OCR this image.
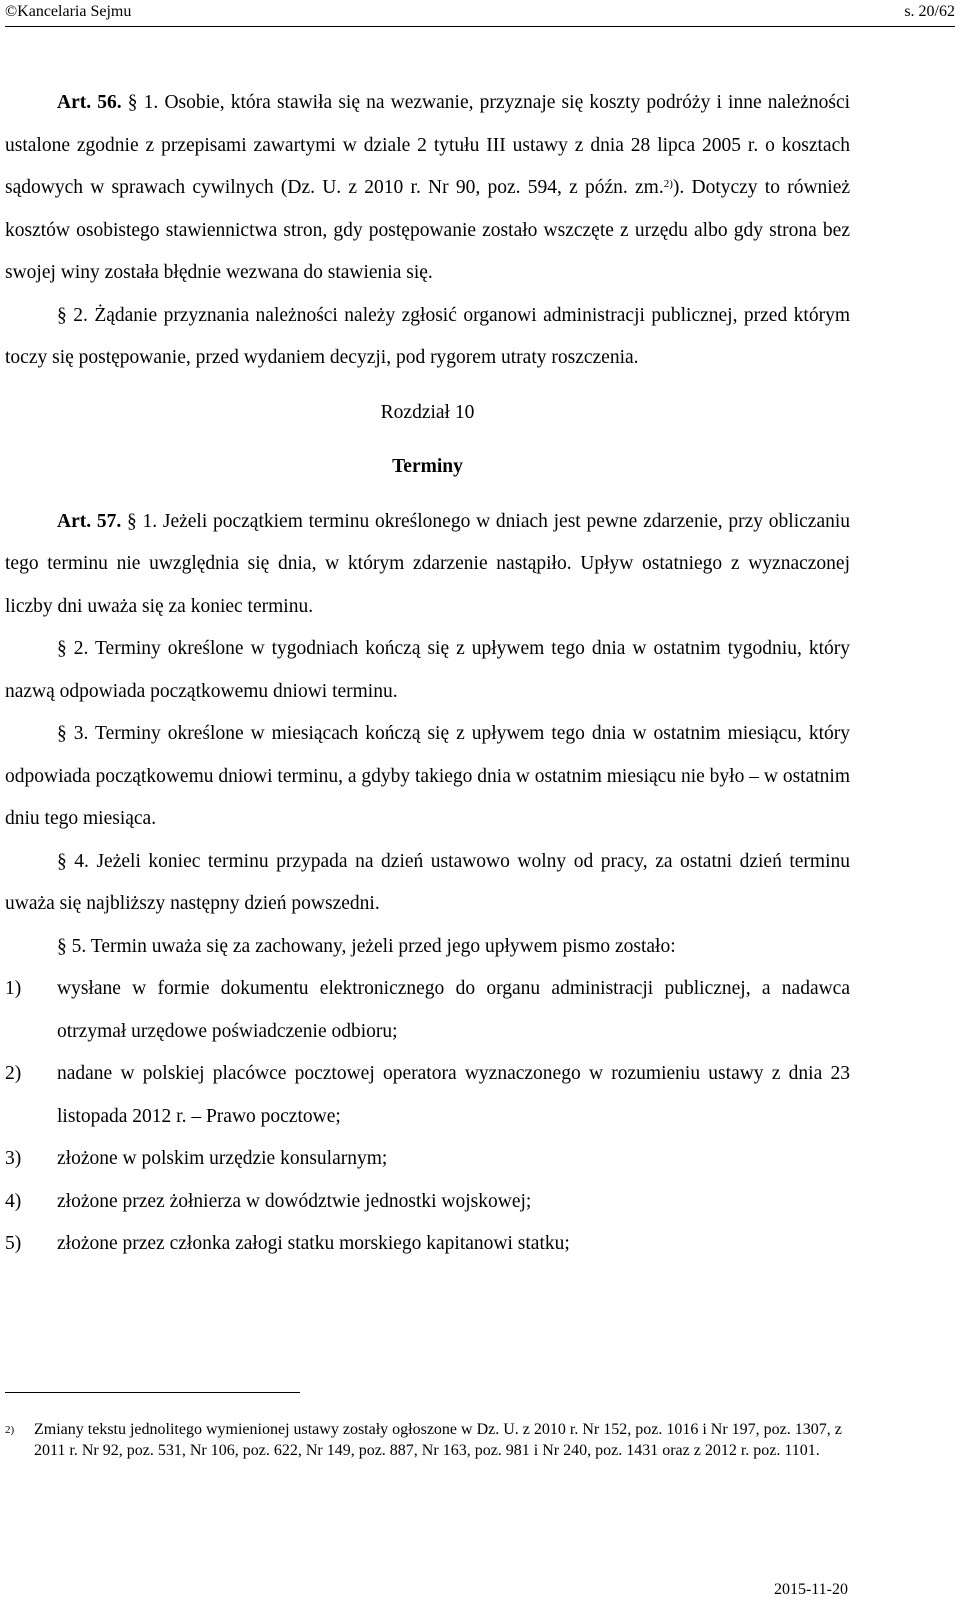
©Kancelaria Sejmu	s. 20/62

Art. 56. § 1. Osobie, która stawiła się na wezwanie, przyznaje się koszty podróży i inne należności ustalone zgodnie z przepisami zawartymi w dziale 2 tytułu III ustawy z dnia 28 lipca 2005 r. o kosztach sądowych w sprawach cywilnych (Dz. U. z 2010 r. Nr 90, poz. 594, z późn. zm.$^{2)}$). Dotyczy to również kosztów osobistego stawiennictwa stron, gdy postępowanie zostało wszczęte z urzędu albo gdy strona bez swojej winy została błędnie wezwana do stawienia się.

§ 2. Żądanie przyznania należności należy zgłosić organowi administracji publicznej, przed którym toczy się postępowanie, przed wydaniem decyzji, pod rygorem utraty roszczenia.

Rozdział 10

Terminy

Art. 57. § 1. Jeżeli początkiem terminu określonego w dniach jest pewne zdarzenie, przy obliczaniu tego terminu nie uwzględnia się dnia, w którym zdarzenie nastąpiło. Upływ ostatniego z wyznaczonej liczby dni uważa się za koniec terminu.

§ 2. Terminy określone w tygodniach kończą się z upływem tego dnia w ostatnim tygodniu, który nazwą odpowiada początkowemu dniowi terminu.

§ 3. Terminy określone w miesiącach kończą się z upływem tego dnia w ostatnim miesiącu, który odpowiada początkowemu dniowi terminu, a gdyby takiego dnia w ostatnim miesiącu nie było – w ostatnim dniu tego miesiąca.

§ 4. Jeżeli koniec terminu przypada na dzień ustawowo wolny od pracy, za ostatni dzień terminu uważa się najbliższy następny dzień powszedni.

§ 5. Termin uważa się za zachowany, jeżeli przed jego upływem pismo zostało:

1) wysłane w formie dokumentu elektronicznego do organu administracji publicznej, a nadawca otrzymał urzędowe poświadczenie odbioru;
2) nadane w polskiej placówce pocztowej operatora wyznaczonego w rozumieniu ustawy z dnia 23 listopada 2012 r. – Prawo pocztowe;
3) złożone w polskim urzędzie konsularnym;
4) złożone przez żołnierza w dowództwie jednostki wojskowej;
5) złożone przez członka załogi statku morskiego kapitanowi statku;
2) Zmiany tekstu jednolitego wymienionej ustawy zostały ogłoszone w Dz. U. z 2010 r. Nr 152, poz. 1016 i Nr 197, poz. 1307, z 2011 r. Nr 92, poz. 531, Nr 106, poz. 622, Nr 149, poz. 887, Nr 163, poz. 981 i Nr 240, poz. 1431 oraz z 2012 r. poz. 1101.
2015-11-20
